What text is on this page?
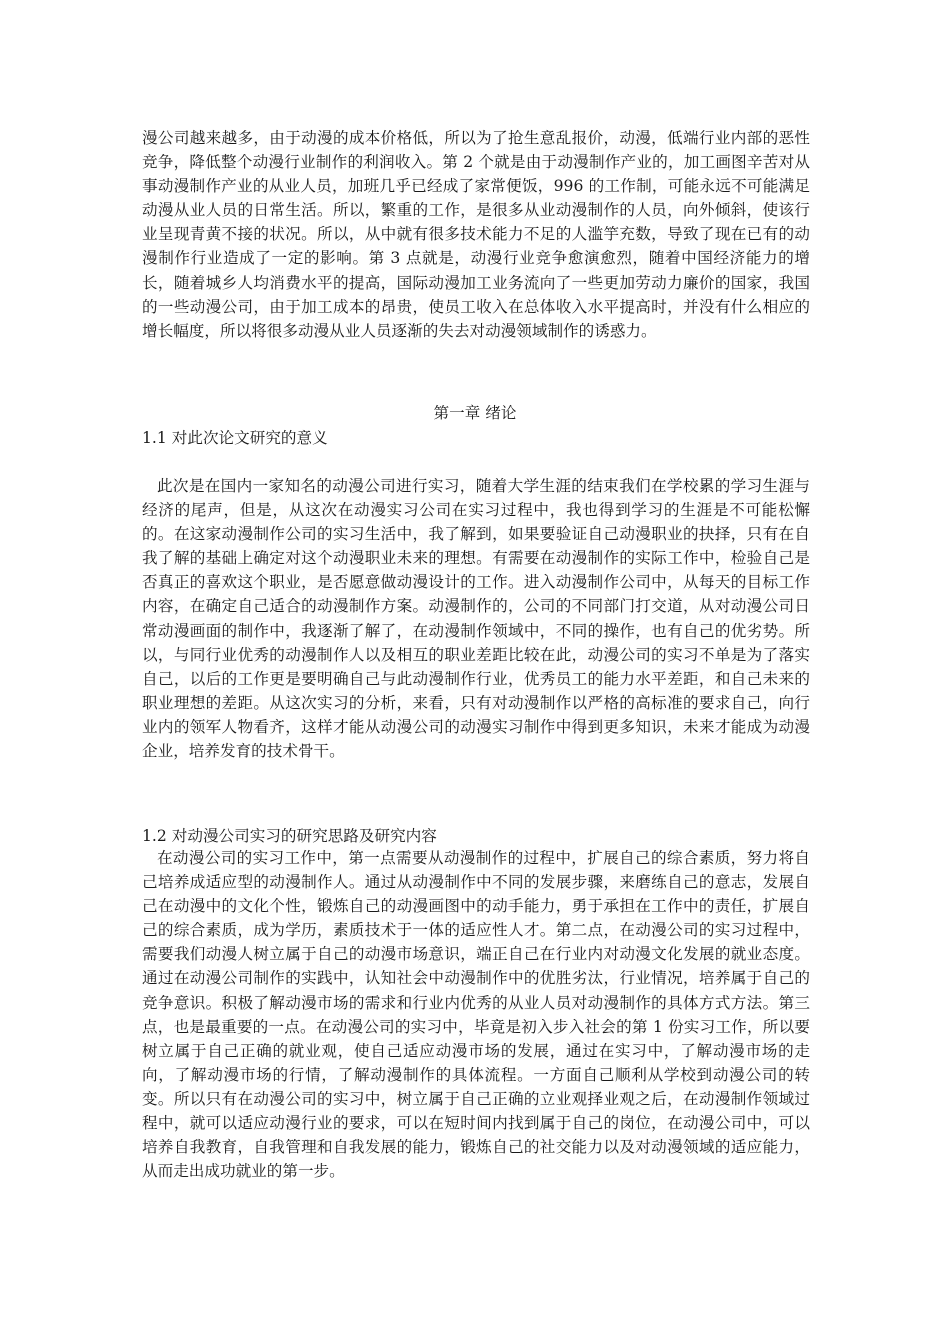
漫公司越来越多，由于动漫的成本价格低，所以为了抢生意乱报价，动漫，低端行业内部的恶性竞争，降低整个动漫行业制作的利润收入。第 2 个就是由于动漫制作产业的，加工画图辛苦对从事动漫制作产业的从业人员，加班几乎已经成了家常便饭，996 的工作制，可能永远不可能满足动漫从业人员的日常生活。所以，繁重的工作，是很多从业动漫制作的人员，向外倾斜，使该行业呈现青黄不接的状况。所以，从中就有很多技术能力不足的人滥竽充数，导致了现在已有的动漫制作行业造成了一定的影响。第 3 点就是，动漫行业竞争愈演愈烈，随着中国经济能力的增长，随着城乡人均消费水平的提高，国际动漫加工业务流向了一些更加劳动力廉价的国家，我国的一些动漫公司，由于加工成本的昂贵，使员工收入在总体收入水平提高时，并没有什么相应的增长幅度，所以将很多动漫从业人员逐渐的失去对动漫领域制作的诱惑力。

第一章 绪论
1.1 对此次论文研究的意义

此次是在国内一家知名的动漫公司进行实习，随着大学生涯的结束我们在学校累的学习生涯与经济的尾声，但是，从这次在动漫实习公司在实习过程中，我也得到学习的生涯是不可能松懈的。在这家动漫制作公司的实习生活中，我了解到，如果要验证自己动漫职业的抉择，只有在自我了解的基础上确定对这个动漫职业未来的理想。有需要在动漫制作的实际工作中，检验自己是否真正的喜欢这个职业，是否愿意做动漫设计的工作。进入动漫制作公司中，从每天的目标工作内容，在确定自己适合的动漫制作方案。动漫制作的，公司的不同部门打交道，从对动漫公司日常动漫画面的制作中，我逐渐了解了，在动漫制作领域中，不同的操作，也有自己的优劣势。所以，与同行业优秀的动漫制作人以及相互的职业差距比较在此，动漫公司的实习不单是为了落实自己，以后的工作更是要明确自己与此动漫制作行业，优秀员工的能力水平差距，和自己未来的职业理想的差距。从这次实习的分析，来看，只有对动漫制作以严格的高标准的要求自己，向行业内的领军人物看齐，这样才能从动漫公司的动漫实习制作中得到更多知识，未来才能成为动漫企业，培养发育的技术骨干。

1.2 对动漫公司实习的研究思路及研究内容

在动漫公司的实习工作中，第一点需要从动漫制作的过程中，扩展自己的综合素质，努力将自己培养成适应型的动漫制作人。通过从动漫制作中不同的发展步骤，来磨练自己的意志，发展自己在动漫中的文化个性，锻炼自己的动漫画图中的动手能力，勇于承担在工作中的责任，扩展自己的综合素质，成为学历，素质技术于一体的适应性人才。第二点，在动漫公司的实习过程中，需要我们动漫人树立属于自己的动漫市场意识，端正自己在行业内对动漫文化发展的就业态度。通过在动漫公司制作的实践中，认知社会中动漫制作中的优胜劣汰，行业情况，培养属于自己的竞争意识。积极了解动漫市场的需求和行业内优秀的从业人员对动漫制作的具体方式方法。第三点，也是最重要的一点。在动漫公司的实习中，毕竟是初入步入社会的第 1 份实习工作，所以要树立属于自己正确的就业观，使自己适应动漫市场的发展，通过在实习中，了解动漫市场的走向，了解动漫市场的行情，了解动漫制作的具体流程。一方面自己顺利从学校到动漫公司的转变。所以只有在动漫公司的实习中，树立属于自己正确的立业观择业观之后，在动漫制作领域过程中，就可以适应动漫行业的要求，可以在短时间内找到属于自己的岗位，在动漫公司中，可以培养自我教育，自我管理和自我发展的能力，锻炼自己的社交能力以及对动漫领域的适应能力，从而走出成功就业的第一步。
